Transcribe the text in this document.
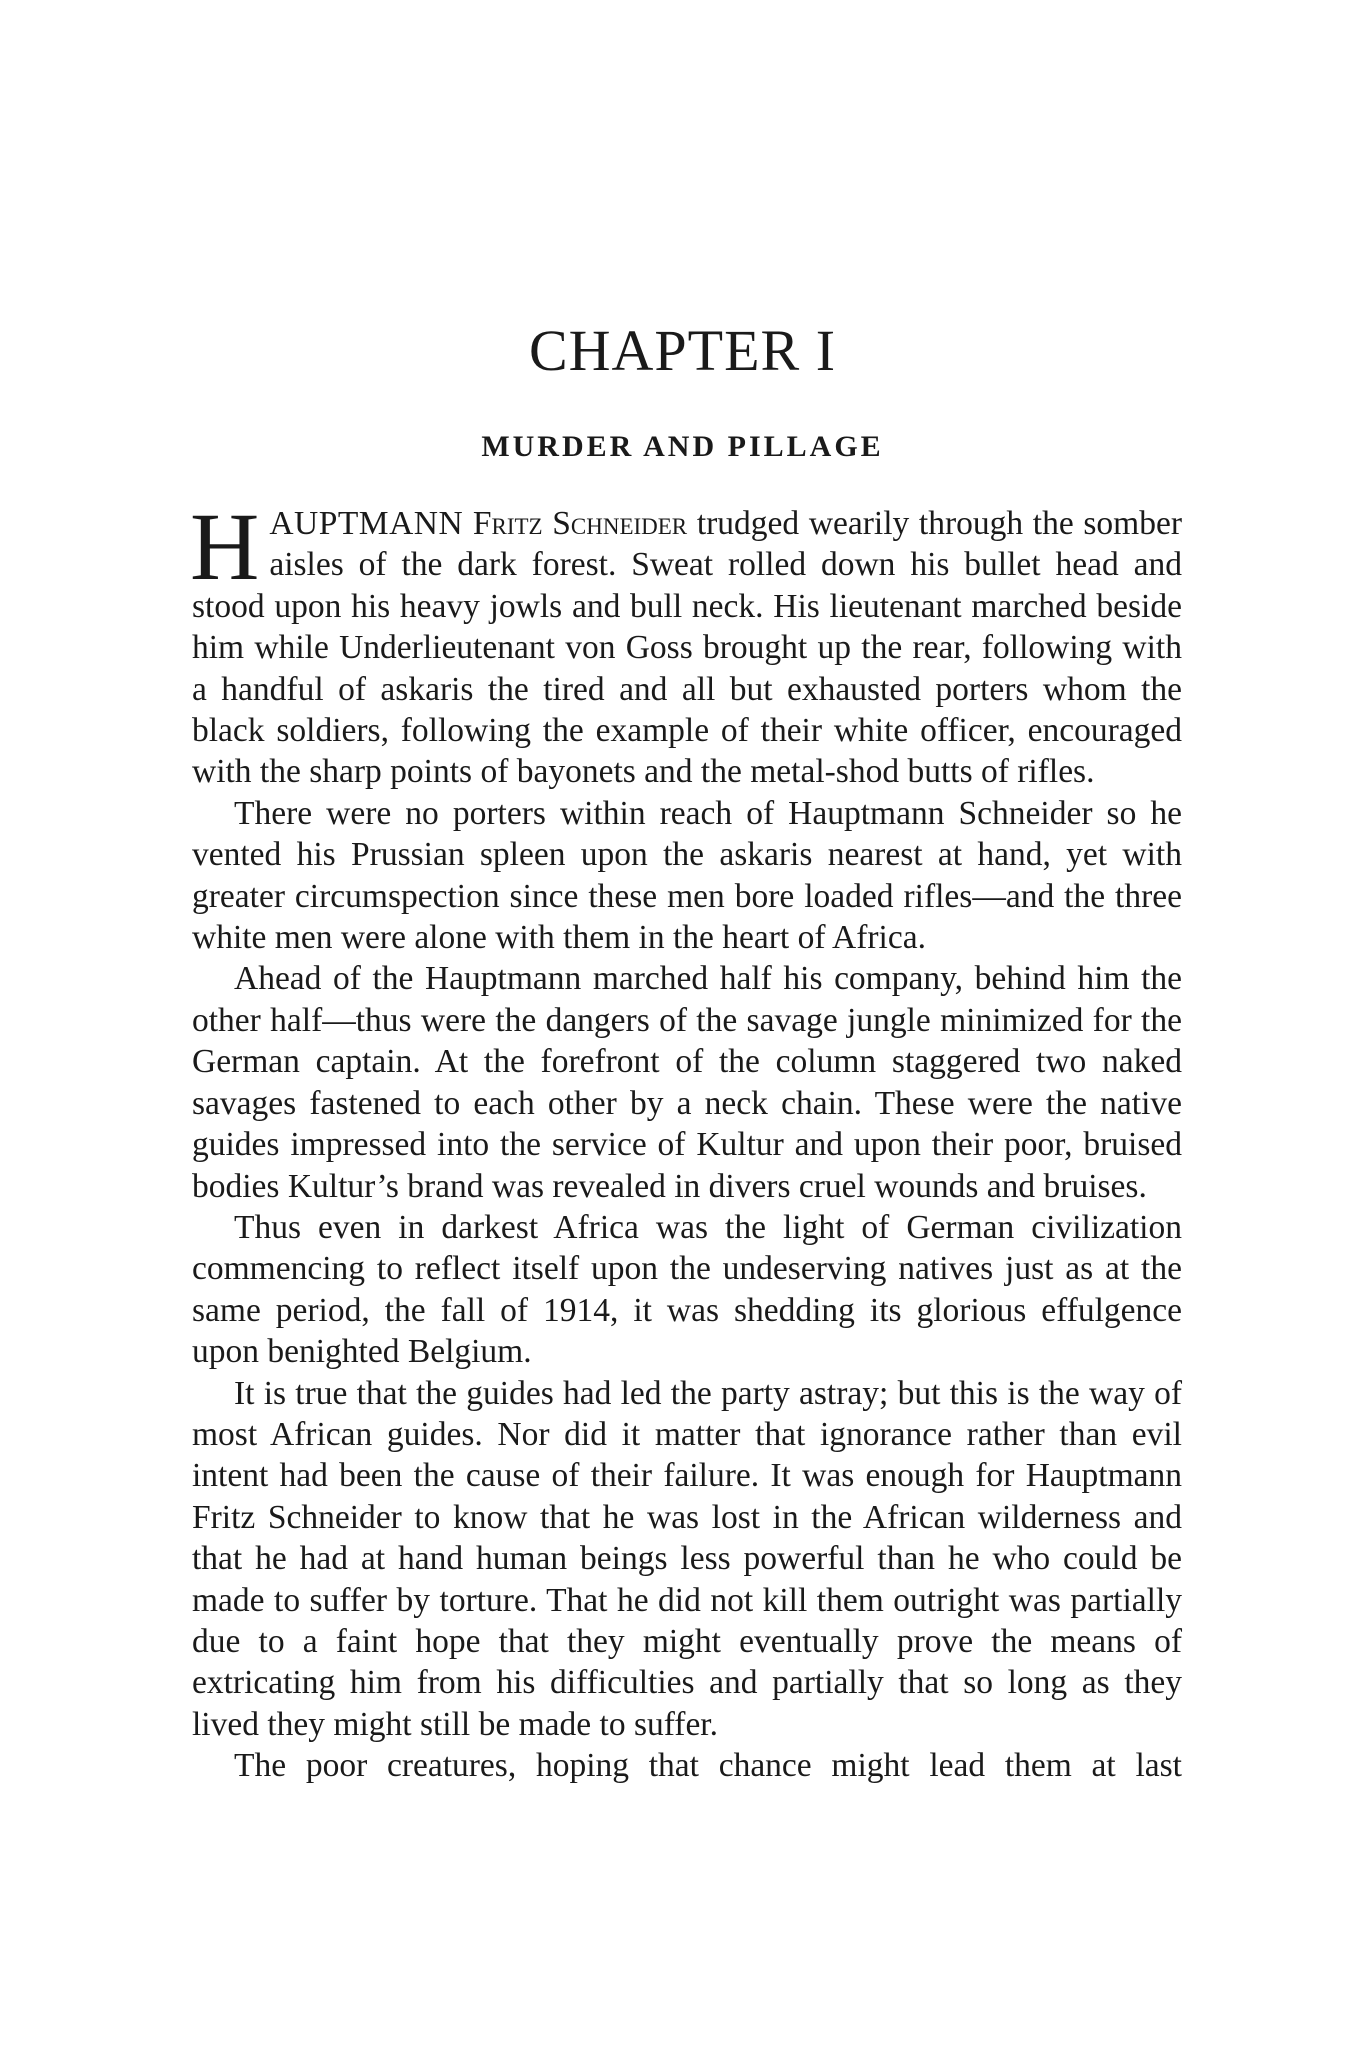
CHAPTER I
MURDER AND PILLAGE

HAUPTMANN Fritz Schneider trudged wearily through the somber aisles of the dark forest. Sweat rolled down his bullet head and stood upon his heavy jowls and bull neck. His lieutenant marched beside him while Underlieutenant von Goss brought up the rear, following with a handful of askaris the tired and all but exhausted porters whom the black soldiers, following the example of their white officer, encouraged with the sharp points of bayonets and the metal-shod butts of rifles.

There were no porters within reach of Hauptmann Schneider so he vented his Prussian spleen upon the askaris nearest at hand, yet with greater circumspection since these men bore loaded rifles—and the three white men were alone with them in the heart of Africa.

Ahead of the Hauptmann marched half his company, behind him the other half—thus were the dangers of the savage jungle minimized for the German captain. At the forefront of the column staggered two naked savages fastened to each other by a neck chain. These were the native guides impressed into the service of Kultur and upon their poor, bruised bodies Kultur’s brand was revealed in divers cruel wounds and bruises.

Thus even in darkest Africa was the light of German civilization commencing to reflect itself upon the undeserving natives just as at the same period, the fall of 1914, it was shedding its glorious effulgence upon benighted Belgium.

It is true that the guides had led the party astray; but this is the way of most African guides. Nor did it matter that ignorance rather than evil intent had been the cause of their failure. It was enough for Hauptmann Fritz Schneider to know that he was lost in the African wilderness and that he had at hand human beings less powerful than he who could be made to suffer by torture. That he did not kill them outright was partially due to a faint hope that they might eventually prove the means of extricating him from his difficulties and partially that so long as they lived they might still be made to suffer.

The poor creatures, hoping that chance might lead them at last
